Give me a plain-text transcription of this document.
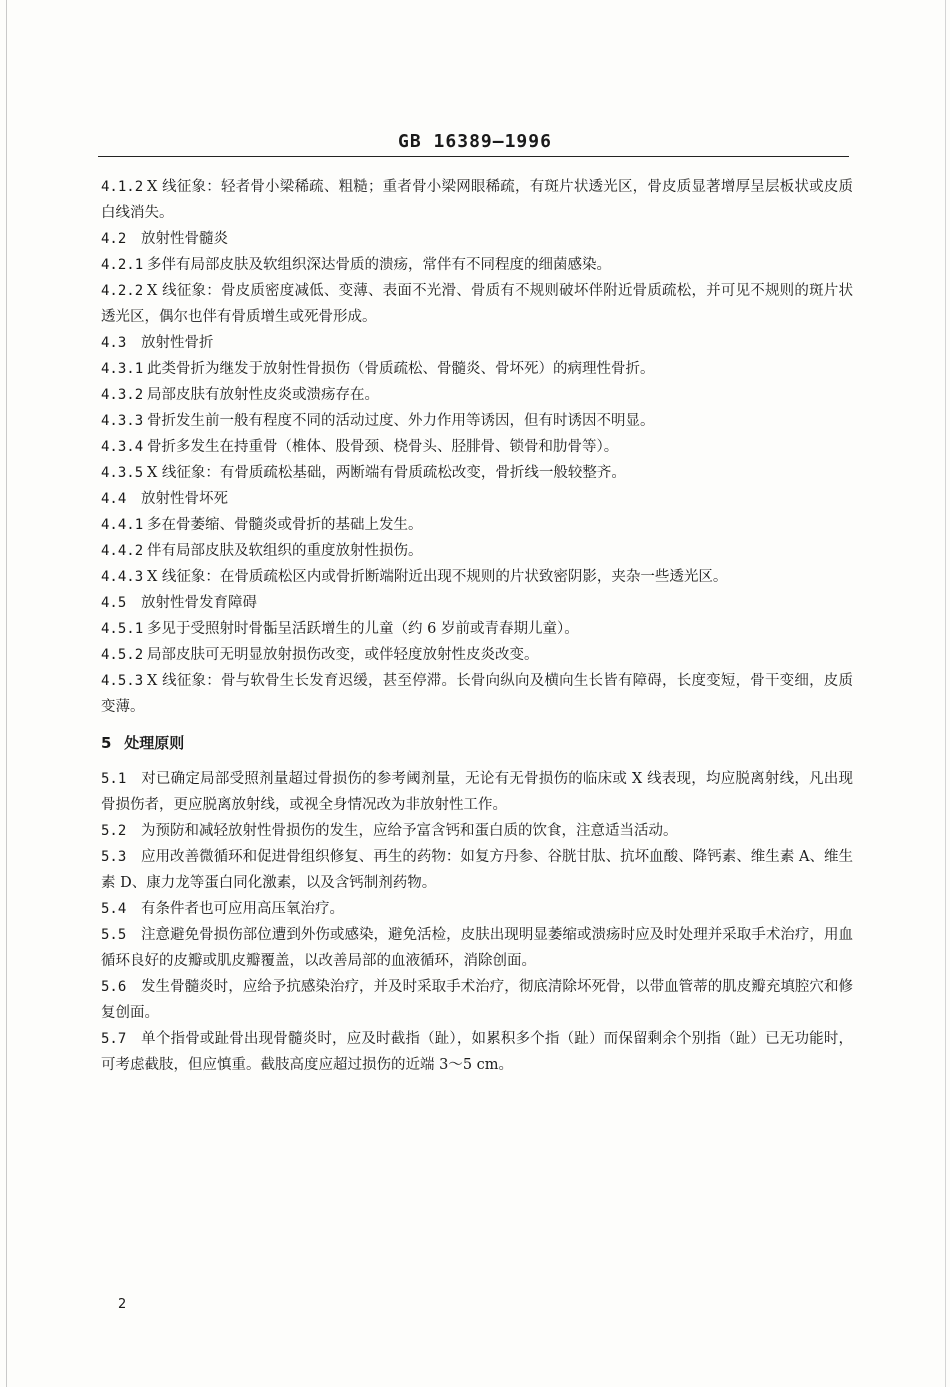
GB 16389—1996
4.1.2 X 线征象：轻者骨小梁稀疏、粗糙；重者骨小梁网眼稀疏，有斑片状透光区，骨皮质显著增厚呈层板状或皮质白线消失。
4.2 放射性骨髓炎
4.2.1 多伴有局部皮肤及软组织深达骨质的溃疡，常伴有不同程度的细菌感染。
4.2.2 X 线征象：骨皮质密度减低、变薄、表面不光滑、骨质有不规则破坏伴附近骨质疏松，并可见不规则的斑片状透光区，偶尔也伴有骨质增生或死骨形成。
4.3 放射性骨折
4.3.1 此类骨折为继发于放射性骨损伤（骨质疏松、骨髓炎、骨坏死）的病理性骨折。
4.3.2 局部皮肤有放射性皮炎或溃疡存在。
4.3.3 骨折发生前一般有程度不同的活动过度、外力作用等诱因，但有时诱因不明显。
4.3.4 骨折多发生在持重骨（椎体、股骨颈、桡骨头、胫腓骨、锁骨和肋骨等）。
4.3.5 X 线征象：有骨质疏松基础，两断端有骨质疏松改变，骨折线一般较整齐。
4.4 放射性骨坏死
4.4.1 多在骨萎缩、骨髓炎或骨折的基础上发生。
4.4.2 伴有局部皮肤及软组织的重度放射性损伤。
4.4.3 X 线征象：在骨质疏松区内或骨折断端附近出现不规则的片状致密阴影，夹杂一些透光区。
4.5 放射性骨发育障碍
4.5.1 多见于受照射时骨骺呈活跃增生的儿童（约 6 岁前或青春期儿童）。
4.5.2 局部皮肤可无明显放射损伤改变，或伴轻度放射性皮炎改变。
4.5.3 X 线征象：骨与软骨生长发育迟缓，甚至停滞。长骨向纵向及横向生长皆有障碍，长度变短，骨干变细，皮质变薄。
5 处理原则
5.1 对已确定局部受照剂量超过骨损伤的参考阈剂量，无论有无骨损伤的临床或 X 线表现，均应脱离射线，凡出现骨损伤者，更应脱离放射线，或视全身情况改为非放射性工作。
5.2 为预防和减轻放射性骨损伤的发生，应给予富含钙和蛋白质的饮食，注意适当活动。
5.3 应用改善微循环和促进骨组织修复、再生的药物：如复方丹参、谷胱甘肽、抗坏血酸、降钙素、维生素 A、维生素 D、康力龙等蛋白同化激素，以及含钙制剂药物。
5.4 有条件者也可应用高压氧治疗。
5.5 注意避免骨损伤部位遭到外伤或感染，避免活检，皮肤出现明显萎缩或溃疡时应及时处理并采取手术治疗，用血循环良好的皮瓣或肌皮瓣覆盖，以改善局部的血液循环，消除创面。
5.6 发生骨髓炎时，应给予抗感染治疗，并及时采取手术治疗，彻底清除坏死骨，以带血管蒂的肌皮瓣充填腔穴和修复创面。
5.7 单个指骨或趾骨出现骨髓炎时，应及时截指（趾），如累积多个指（趾）而保留剩余个别指（趾）已无功能时，可考虑截肢，但应慎重。截肢高度应超过损伤的近端 3～5 cm。
2
